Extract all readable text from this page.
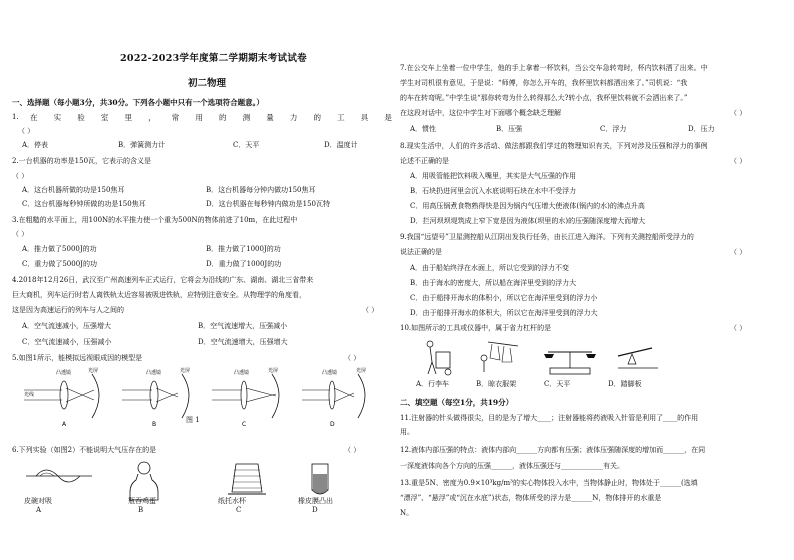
2022-2023学年度第二学期期末考试试卷
初二物理
一、选择题（每小题3分，共30分。下列各小题中只有一个选项符合题意。）
1. 在 实 验 室 里 ， 常 用 的 测 量 力 的 工 具 是
（ ）
A．停表	B．弹簧测力计	C．天平	D．温度计
2.一台机器的功率是150瓦，它表示的含义是
（ ）
A．这台机器所做的功是150焦耳	B．这台机器每分钟内做功150焦耳
C．这台机器每秒钟所做的功是150焦耳	D．这台机器在每秒钟内做功是150瓦特
3.在粗糙的水平面上，用100N的水平推力使一个重为500N的物体前进了10m，在此过程中
（ ）
A．推力做了5000J的功	B．推力做了1000J的功
C．重力做了5000J的功	D．重力做了1000J的功
4.2018年12月26日，武汉至广州高速列车正式运行，它将会为沿线的广东、湖南、湖北三省带来
巨大商机，列车运行时若人离铁轨太近容易被吸进铁轨，应特别注意安全。从物理学的角度看，
这是因为高速运行的列车与人之间的	（ ）
A．空气流速减小，压强增大	B．空气流速增大，压强减小
C．空气流速减小，压强减小	D．空气流速增大，压强增大
5.如图1所示，能模拟远视眼成因的模型是	（ ）
凸透镜	光屏
光线
A
凸透镜	光屏
B
凸透镜	光屏
C
凸透镜	光屏
D
图 1
6.下列实验（如图2）不能说明大气压存在的是	（ ）
皮碗对吸	瓶吞鸡蛋	纸托水杯	橡皮膜凸出
A	B	C	D
7.在公交车上坐着一位中学生，他的手上拿着一杯饮料，当公交车急转弯时，杯内饮料洒了出来。中
学生对司机很有意见，于是说：“师傅，你怎么开车的，我杯里饮料都洒出来了。”司机说：“我
的车在转弯呢。”中学生说“那你转弯为什么转得那么大?转小点，我杯里饮料就不会洒出来了。”
在这段对话中，这位中学生对下面哪个概念缺乏理解	（ ）
A．惯性	B．压强	C．浮力	D．压力
8.现实生活中，人们的许多活动、做法都跟我们学过的物理知识有关，下列对涉及压强和浮力的事例
论述不正确的是	（ ）
A．用吸管能把饮料吸入嘴里，其实是大气压强的作用
B．石块扔进河里会沉入水底说明石块在水中不受浮力
C．用高压锅煮食物熟得快是因为锅内气压增大使液体(锅内的水)的沸点升高
D．拦河坝坝堤筑成上窄下宽是因为液体(坝里的水)的压强随深度增大而增大
9.我国“远望号”卫星测控船从江阴出发执行任务，由长江进入海洋。下列有关测控船所受浮力的
说法正确的是	（ ）
A．由于船始终浮在水面上，所以它受到的浮力不变
B．由于海水的密度大，所以船在海洋里受到的浮力大
C．由于船排开海水的体积小，所以它在海洋里受到的浮力小
D．由于船排开海水的体积大，所以它在海洋里受到的浮力大
10.如图所示的工具或仪器中，属于省力杠杆的是	（ ）
A．行李车	B．晾衣服架	C．天平	D．踏脚板
二、填空题（每空1分，共19分）
11.注射器的针头做得很尖，目的是为了增大____；注射器能将药液吸入针管是利用了____的作用
用。
12.液体内部压强的特点：液体内部向______方向都有压强；液体压强随深度的增加而______，在同
一深度液体向各个方向的压强______，液体压强还与____________有关。
13.重是5N、密度为0.9×10³kg/m³的实心物体投入水中，当物体静止时，物体处于______(选填
“漂浮”、“悬浮”或“沉在水底”)状态，物体所受的浮力是______N，物体排开的水重是
N。
